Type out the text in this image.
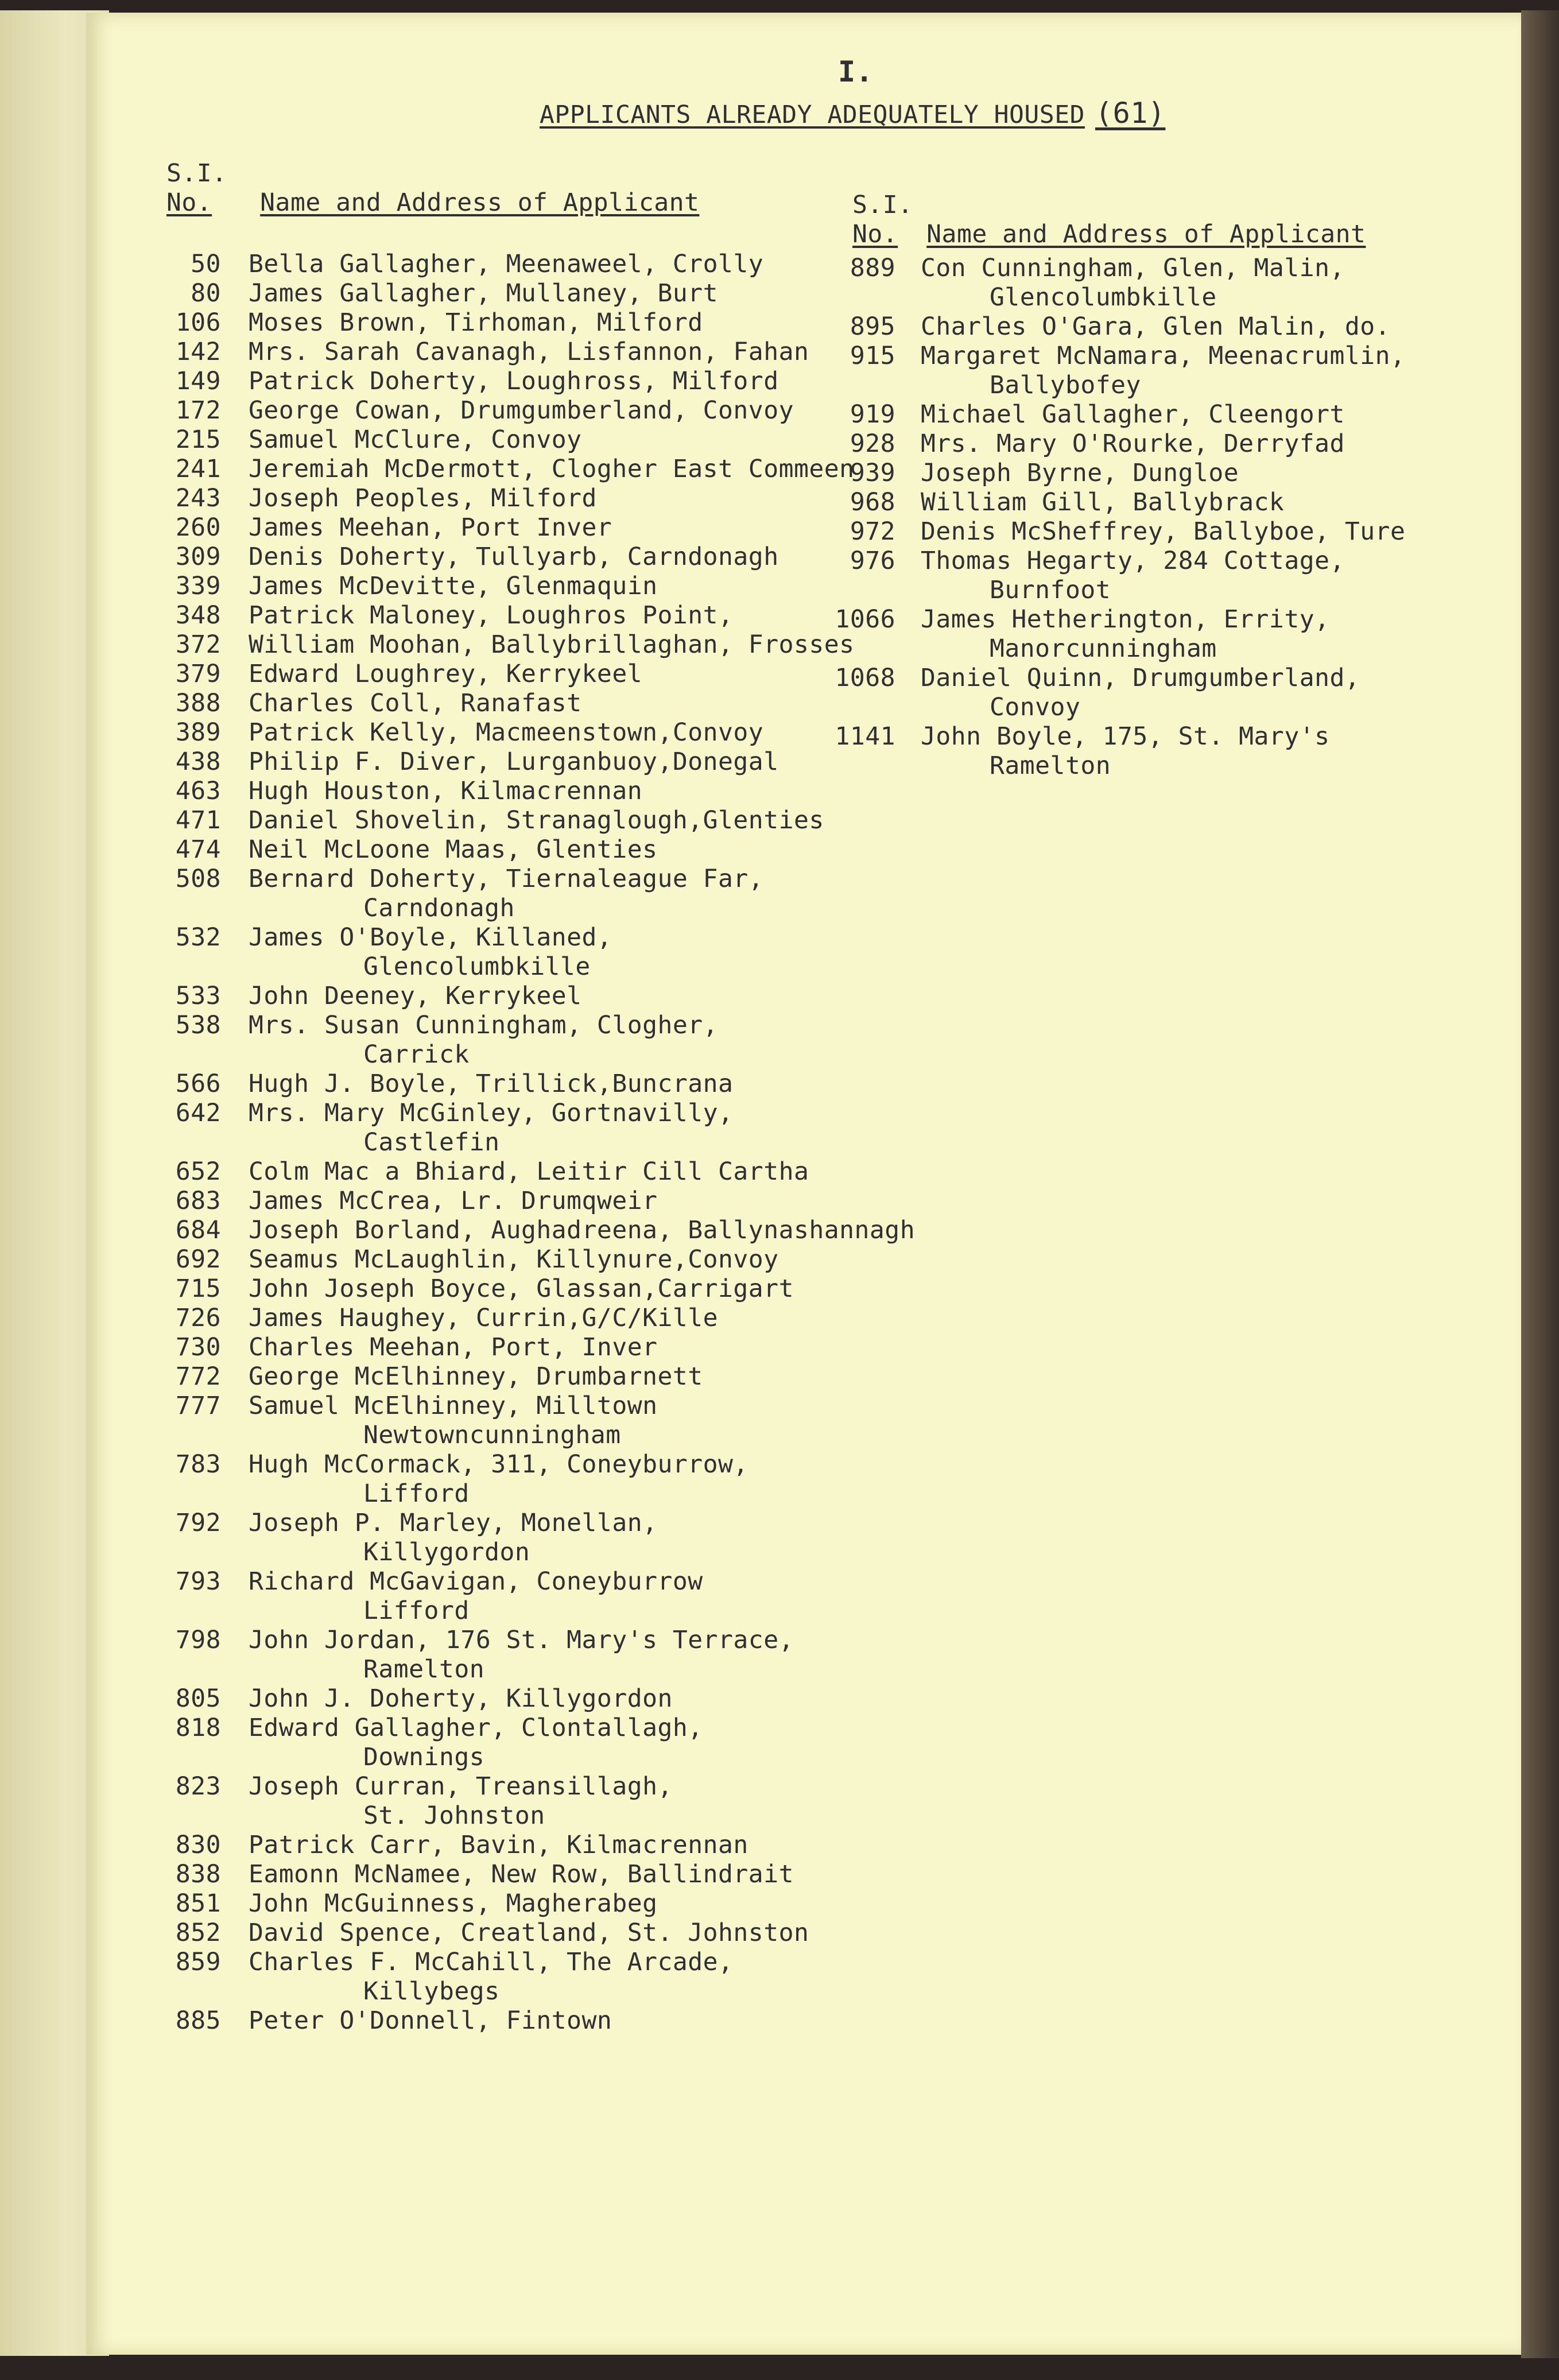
I.
APPLICANTS ALREADY ADEQUATELY HOUSED (61)
S.I.
No. Name and Address of Applicant	S.I.
No. Name and Address of Applicant
50	Bella Gallagher, Meenaweel, Crolly
80	James Gallagher, Mullaney, Burt
106	Moses Brown, Tirhoman, Milford
142	Mrs. Sarah Cavanagh, Lisfannon, Fahan
149	Patrick Doherty, Loughross, Milford
172	George Cowan, Drumgumberland, Convoy
215	Samuel McClure, Convoy
241	Jeremiah McDermott, Clogher East Commeen
243	Joseph Peoples, Milford
260	James Meehan, Port Inver
309	Denis Doherty, Tullyarb, Carndonagh
339	James McDevitte, Glenmaquin
348	Patrick Maloney, Loughros Point,
372	William Moohan, Ballybrillaghan, Frosses
379	Edward Loughrey, Kerrykeel
388	Charles Coll, Ranafast
389	Patrick Kelly, Macmeenstown,Convoy
438	Philip F. Diver, Lurganbuoy,Donegal
463	Hugh Houston, Kilmacrennan
471	Daniel Shovelin, Stranaglough,Glenties
474	Neil McLoone Maas, Glenties
508	Bernard Doherty, Tiernaleague Far,
Carndonagh
532	James O'Boyle, Killaned,
Glencolumbkille
533	John Deeney, Kerrykeel
538	Mrs. Susan Cunningham, Clogher,
Carrick
566	Hugh J. Boyle, Trillick,Buncrana
642	Mrs. Mary McGinley, Gortnavilly,
Castlefin
652	Colm Mac a Bhiard, Leitir Cill Cartha
683	James McCrea, Lr. Drumqweir
684	Joseph Borland, Aughadreena, Ballynashannagh
692	Seamus McLaughlin, Killynure,Convoy
715	John Joseph Boyce, Glassan,Carrigart
726	James Haughey, Currin,G/C/Kille
730	Charles Meehan, Port, Inver
772	George McElhinney, Drumbarnett
777	Samuel McElhinney, Milltown
Newtowncunningham
783	Hugh McCormack, 311, Coneyburrow,
Lifford
792	Joseph P. Marley, Monellan,
Killygordon
793	Richard McGavigan, Coneyburrow
Lifford
798	John Jordan, 176 St. Mary's Terrace,
Ramelton
805	John J. Doherty, Killygordon
818	Edward Gallagher, Clontallagh,
Downings
823	Joseph Curran, Treansillagh,
St. Johnston
830	Patrick Carr, Bavin, Kilmacrennan
838	Eamonn McNamee, New Row, Ballindrait
851	John McGuinness, Magherabeg
852	David Spence, Creatland, St. Johnston
859	Charles F. McCahill, The Arcade,
Killybegs
885	Peter O'Donnell, Fintown
889	Con Cunningham, Glen, Malin,
Glencolumbkille
895	Charles O'Gara, Glen Malin, do.
915	Margaret McNamara, Meenacrumlin,
Ballybofey
919	Michael Gallagher, Cleengort
928	Mrs. Mary O'Rourke, Derryfad
939	Joseph Byrne, Dungloe
968	William Gill, Ballybrack
972	Denis McSheffrey, Ballyboe, Ture
976	Thomas Hegarty, 284 Cottage,
Burnfoot
1066	James Hetherington, Errity,
Manorcunningham
1068	Daniel Quinn, Drumgumberland,
Convoy
1141	John Boyle, 175, St. Mary's
Ramelton
